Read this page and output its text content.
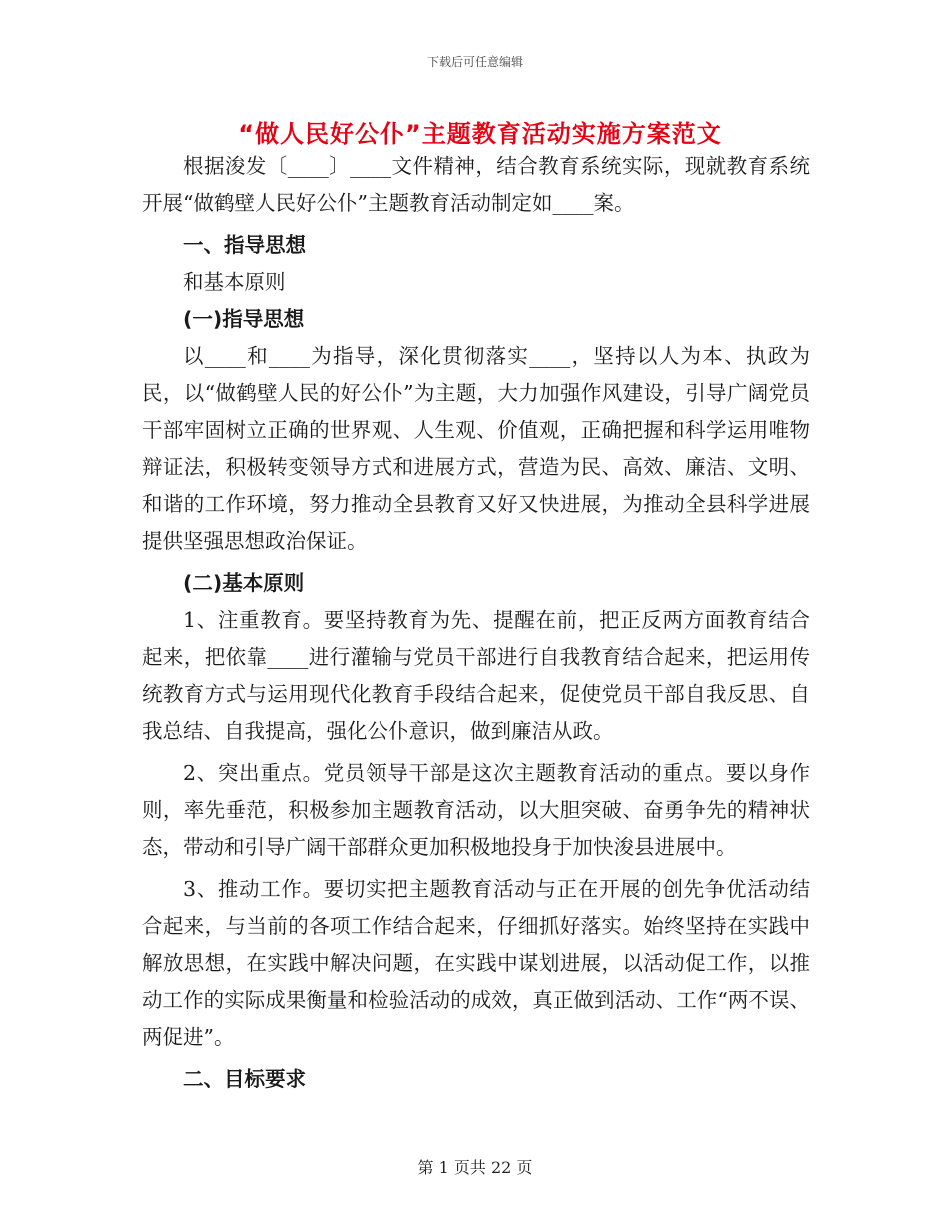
下载后可任意编辑
“做人民好公仆”主题教育活动实施方案范文

根据浚发〔____〕____文件精神，结合教育系统实际，现就教育系统开展“做鹤壁人民好公仆”主题教育活动制定如____案。

一、指导思想

和基本原则

(一)指导思想

以____和____为指导，深化贯彻落实____，坚持以人为本、执政为民，以“做鹤壁人民的好公仆”为主题，大力加强作风建设，引导广阔党员干部牢固树立正确的世界观、人生观、价值观，正确把握和科学运用唯物辩证法，积极转变领导方式和进展方式，营造为民、高效、廉洁、文明、和谐的工作环境，努力推动全县教育又好又快进展，为推动全县科学进展提供坚强思想政治保证。

(二)基本原则

1、注重教育。要坚持教育为先、提醒在前，把正反两方面教育结合起来，把依靠____进行灌输与党员干部进行自我教育结合起来，把运用传统教育方式与运用现代化教育手段结合起来，促使党员干部自我反思、自我总结、自我提高，强化公仆意识，做到廉洁从政。

2、突出重点。党员领导干部是这次主题教育活动的重点。要以身作则，率先垂范，积极参加主题教育活动，以大胆突破、奋勇争先的精神状态，带动和引导广阔干部群众更加积极地投身于加快浚县进展中。

3、推动工作。要切实把主题教育活动与正在开展的创先争优活动结合起来，与当前的各项工作结合起来，仔细抓好落实。始终坚持在实践中解放思想，在实践中解决问题，在实践中谋划进展，以活动促工作，以推动工作的实际成果衡量和检验活动的成效，真正做到活动、工作“两不误、两促进”。

二、目标要求

第 1 页共 22 页
